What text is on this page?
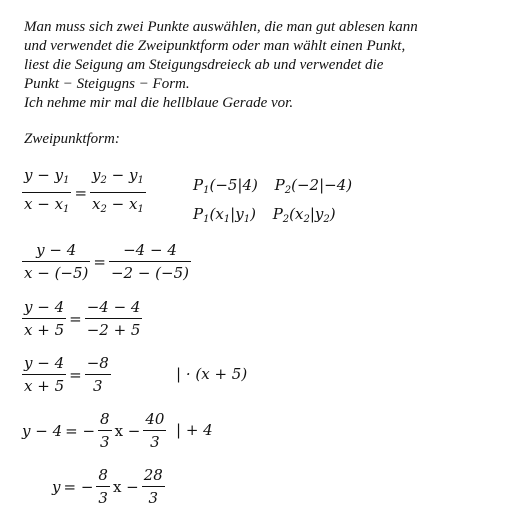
Man muss sich zwei Punkte auswählen, die man gut ablesen kann
und verwendet die Zweipunktform oder man wählt einen Punkt,
liest die Seigung am Steigungsdreieck ab und verwendet die
Punkt − Steigugns − Form.
Ich nehme mir mal die hellblaue Gerade vor.
Zweipunktform:
$\frac{y - y_1}{x - x_1} = \frac{y_2 - y_1}{x_2 - x_1}$	$P_1(-5|4)$ $P_2(-2|-4)$
$P_1(x_1|y_1)$ $P_2(x_2|y_2)$
$\frac{y - 4}{x - (-5)} = \frac{-4 - 4}{-2 - (-5)}$
$\frac{y - 4}{x + 5} = \frac{-4 - 4}{-2 + 5}$
$\frac{y - 4}{x + 5} = \frac{-8}{3}$	| · (x + 5)
y − 4 = − $\frac{8}{3}$ $x - \frac{40}{3}$ | + 4
y = − $\frac{8}{3}$ $x - \frac{28}{3}$
